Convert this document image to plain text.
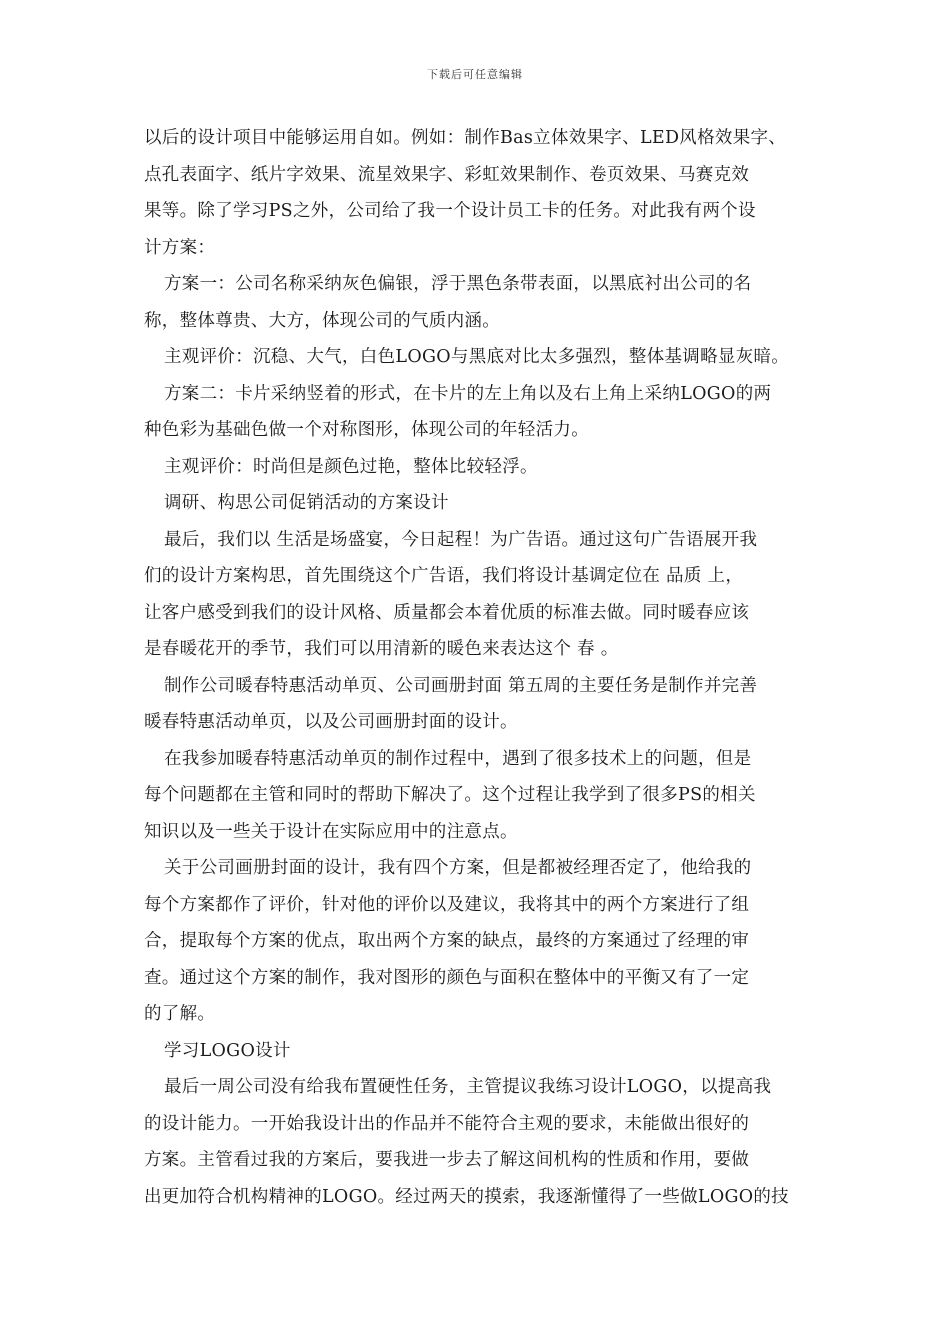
下载后可任意编辑
以后的设计项目中能够运用自如。例如：制作Bas立体效果字、LED风格效果字、
点孔表面字、纸片字效果、流星效果字、彩虹效果制作、卷页效果、马赛克效
果等。除了学习PS之外，公司给了我一个设计员工卡的任务。对此我有两个设
计方案：
方案一：公司名称采纳灰色偏银，浮于黑色条带表面，以黑底衬出公司的名
称，整体尊贵、大方，体现公司的气质内涵。
主观评价：沉稳、大气，白色LOGO与黑底对比太多强烈，整体基调略显灰暗。
方案二：卡片采纳竖着的形式，在卡片的左上角以及右上角上采纳LOGO的两
种色彩为基础色做一个对称图形，体现公司的年轻活力。
主观评价：时尚但是颜色过艳，整体比较轻浮。
调研、构思公司促销活动的方案设计
最后，我们以 生活是场盛宴，今日起程！为广告语。通过这句广告语展开我
们的设计方案构思，首先围绕这个广告语，我们将设计基调定位在 品质 上，
让客户感受到我们的设计风格、质量都会本着优质的标准去做。同时暖春应该
是春暖花开的季节，我们可以用清新的暖色来表达这个 春 。
制作公司暖春特惠活动单页、公司画册封面 第五周的主要任务是制作并完善
暖春特惠活动单页，以及公司画册封面的设计。
在我参加暖春特惠活动单页的制作过程中，遇到了很多技术上的问题，但是
每个问题都在主管和同时的帮助下解决了。这个过程让我学到了很多PS的相关
知识以及一些关于设计在实际应用中的注意点。
关于公司画册封面的设计，我有四个方案，但是都被经理否定了，他给我的
每个方案都作了评价，针对他的评价以及建议，我将其中的两个方案进行了组
合，提取每个方案的优点，取出两个方案的缺点，最终的方案通过了经理的审
查。通过这个方案的制作，我对图形的颜色与面积在整体中的平衡又有了一定
的了解。
学习LOGO设计
最后一周公司没有给我布置硬性任务，主管提议我练习设计LOGO，以提高我
的设计能力。一开始我设计出的作品并不能符合主观的要求，未能做出很好的
方案。主管看过我的方案后，要我进一步去了解这间机构的性质和作用，要做
出更加符合机构精神的LOGO。经过两天的摸索，我逐渐懂得了一些做LOGO的技
